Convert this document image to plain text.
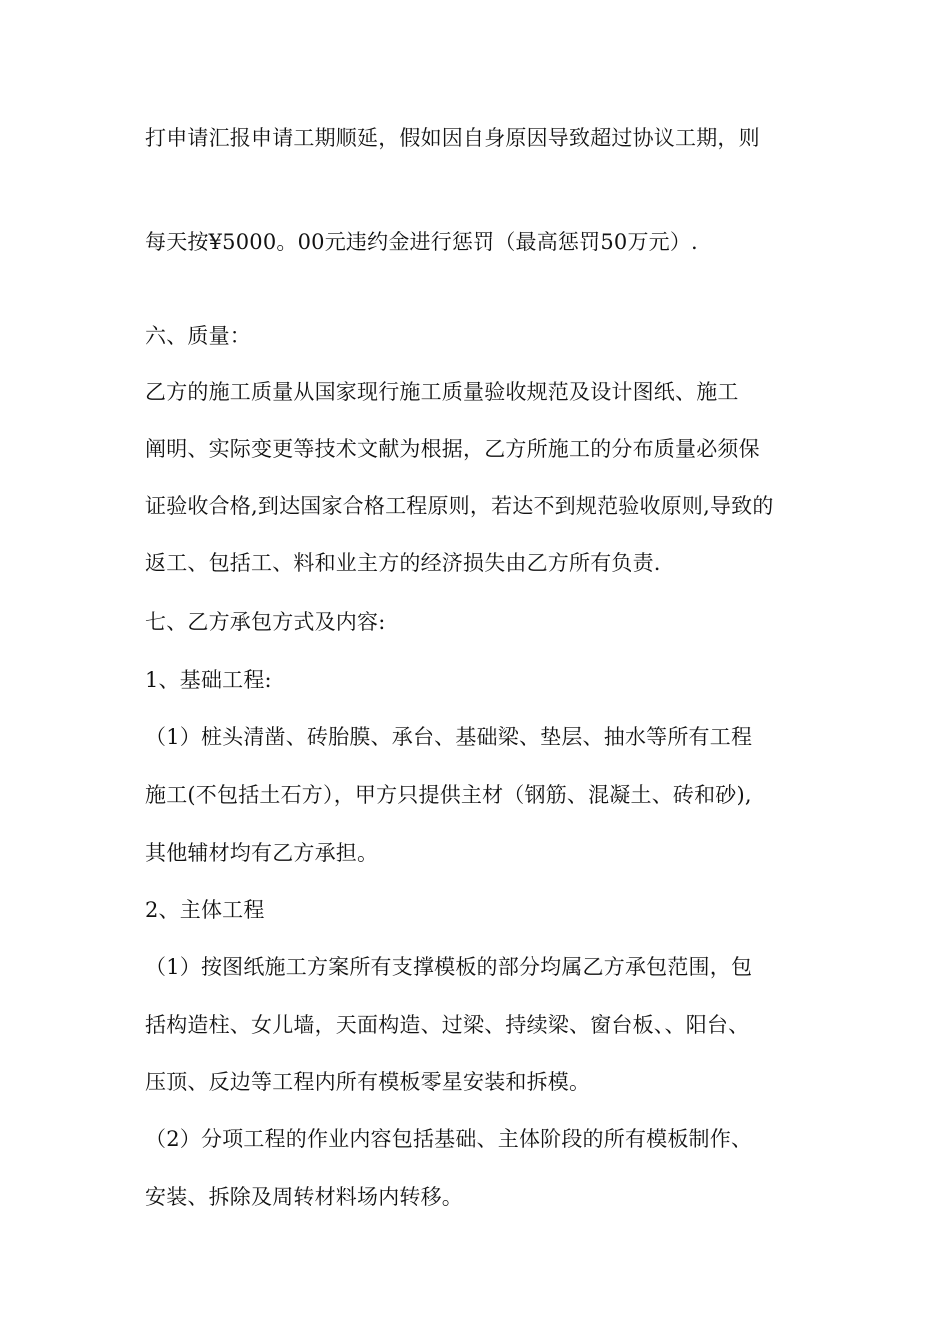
打申请汇报申请工期顺延，假如因自身原因导致超过协议工期，则
每天按¥5000。00元违约金进行惩罚（最高惩罚50万元）.
六、质量：
乙方的施工质量从国家现行施工质量验收规范及设计图纸、施工
阐明、实际变更等技术文献为根据，乙方所施工的分布质量必须保
证验收合格,到达国家合格工程原则，若达不到规范验收原则,导致的
返工、包括工、料和业主方的经济损失由乙方所有负责.
七、乙方承包方式及内容:
1、基础工程:
（1）桩头清凿、砖胎膜、承台、基础梁、垫层、抽水等所有工程
施工(不包括土石方），甲方只提供主材（钢筋、混凝土、砖和砂),
其他辅材均有乙方承担。
2、主体工程
（1）按图纸施工方案所有支撑模板的部分均属乙方承包范围，包
括构造柱、女儿墙，天面构造、过梁、持续梁、窗台板、、阳台、
压顶、反边等工程内所有模板零星安装和拆模。
（2）分项工程的作业内容包括基础、主体阶段的所有模板制作、
安装、拆除及周转材料场内转移。
